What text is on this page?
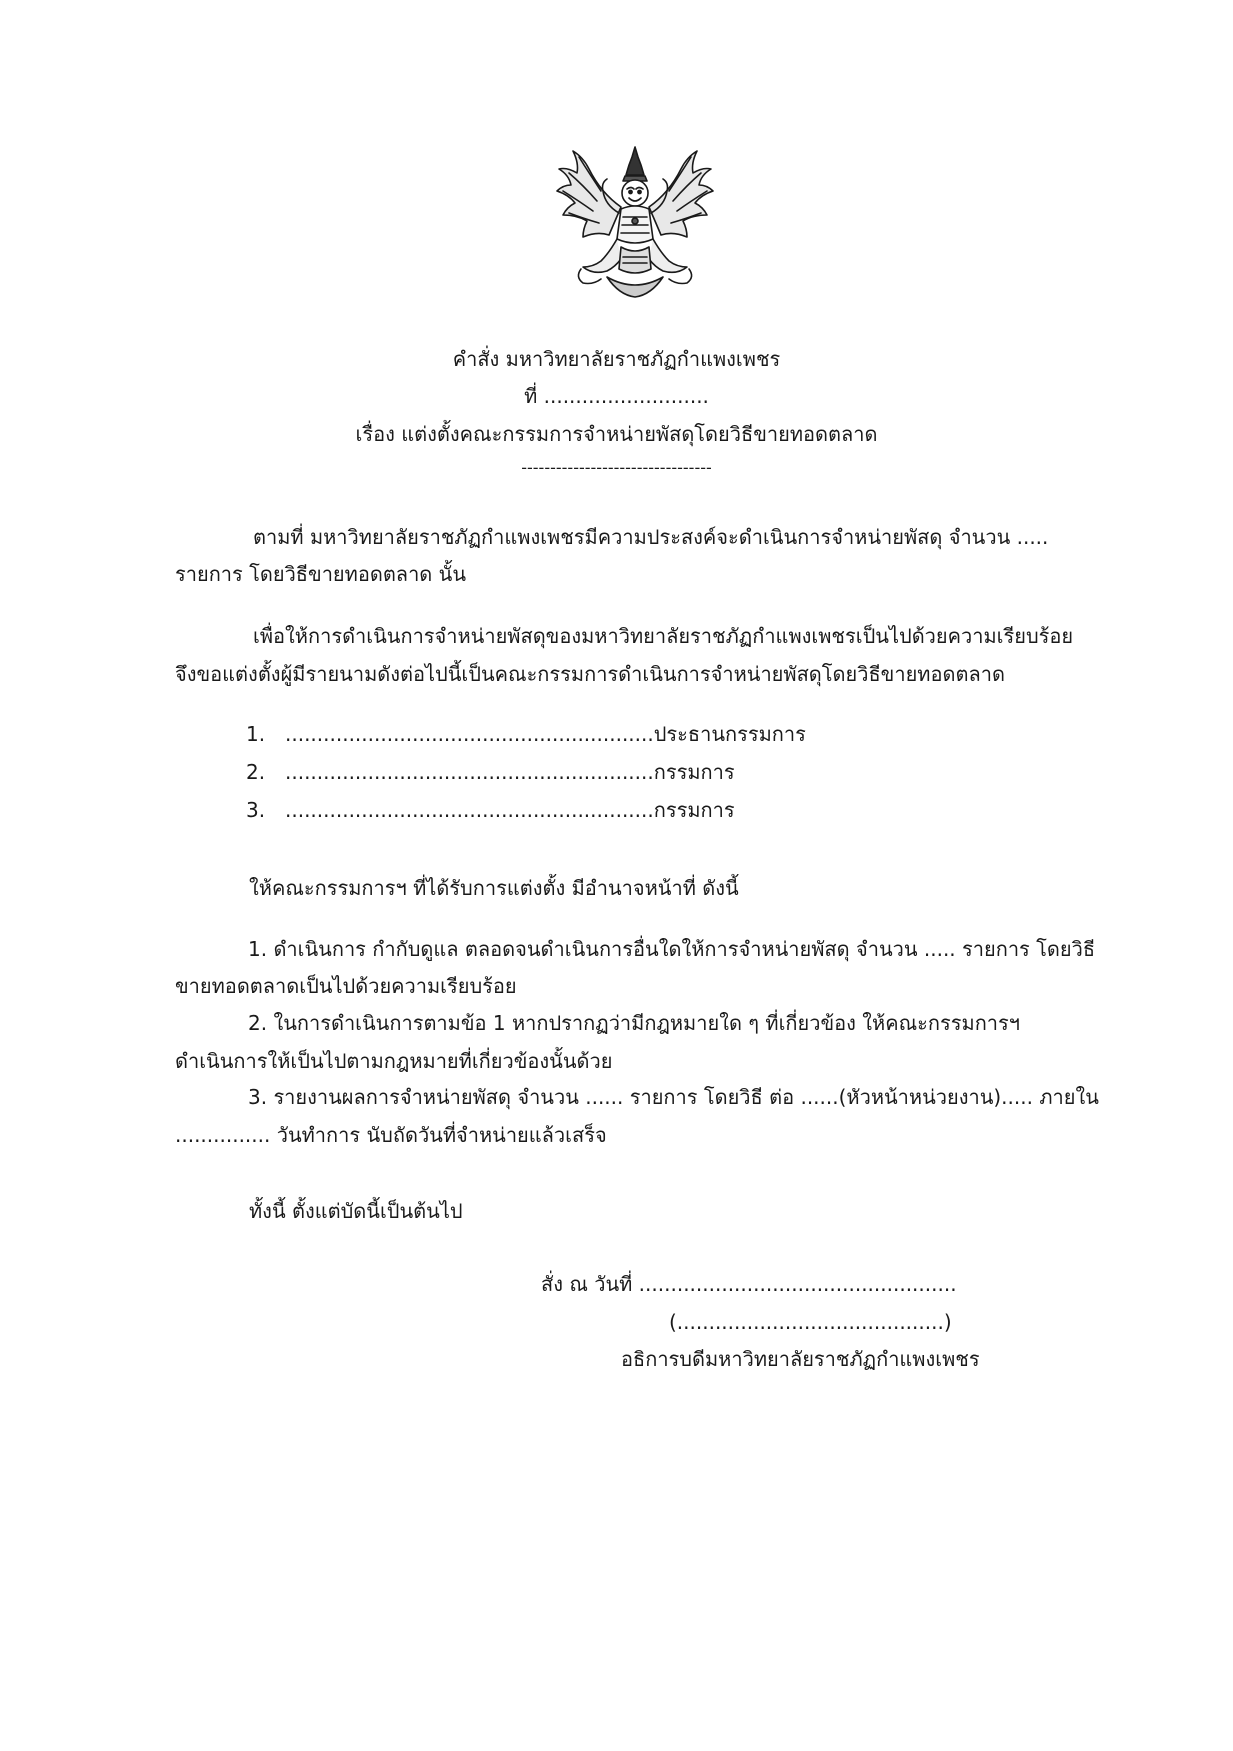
คำสั่ง มหาวิทยาลัยราชภัฏกำแพงเพชร
ที่ ..........................
เรื่อง แต่งตั้งคณะกรรมการจำหน่ายพัสดุโดยวิธีขายทอดตลาด
---------------------------------
ตามที่ มหาวิทยาลัยราชภัฏกำแพงเพชรมีความประสงค์จะดำเนินการจำหน่ายพัสดุ จำนวน .....
รายการ โดยวิธีขายทอดตลาด นั้น
เพื่อให้การดำเนินการจำหน่ายพัสดุของมหาวิทยาลัยราชภัฏกำแพงเพชรเป็นไปด้วยความเรียบร้อย
จึงขอแต่งตั้งผู้มีรายนามดังต่อไปนี้เป็นคณะกรรมการดำเนินการจำหน่ายพัสดุโดยวิธีขายทอดตลาด
1. ..........................................................ประธานกรรมการ
2. ..........................................................กรรมการ
3. ..........................................................กรรมการ
ให้คณะกรรมการฯ ที่ได้รับการแต่งตั้ง มีอำนาจหน้าที่ ดังนี้
1. ดำเนินการ กำกับดูแล ตลอดจนดำเนินการอื่นใดให้การจำหน่ายพัสดุ จำนวน ..... รายการ โดยวิธี
ขายทอดตลาดเป็นไปด้วยความเรียบร้อย
2. ในการดำเนินการตามข้อ 1 หากปรากฏว่ามีกฎหมายใด ๆ ที่เกี่ยวข้อง ให้คณะกรรมการฯ
ดำเนินการให้เป็นไปตามกฎหมายที่เกี่ยวข้องนั้นด้วย
3. รายงานผลการจำหน่ายพัสดุ จำนวน ...... รายการ โดยวิธี ต่อ ......(หัวหน้าหน่วยงาน)..... ภายใน
............... วันทำการ นับถัดวันที่จำหน่ายแล้วเสร็จ
ทั้งนี้ ตั้งแต่บัดนี้เป็นต้นไป
สั่ง ณ วันที่ ..................................................
(..........................................)
อธิการบดีมหาวิทยาลัยราชภัฏกำแพงเพชร
